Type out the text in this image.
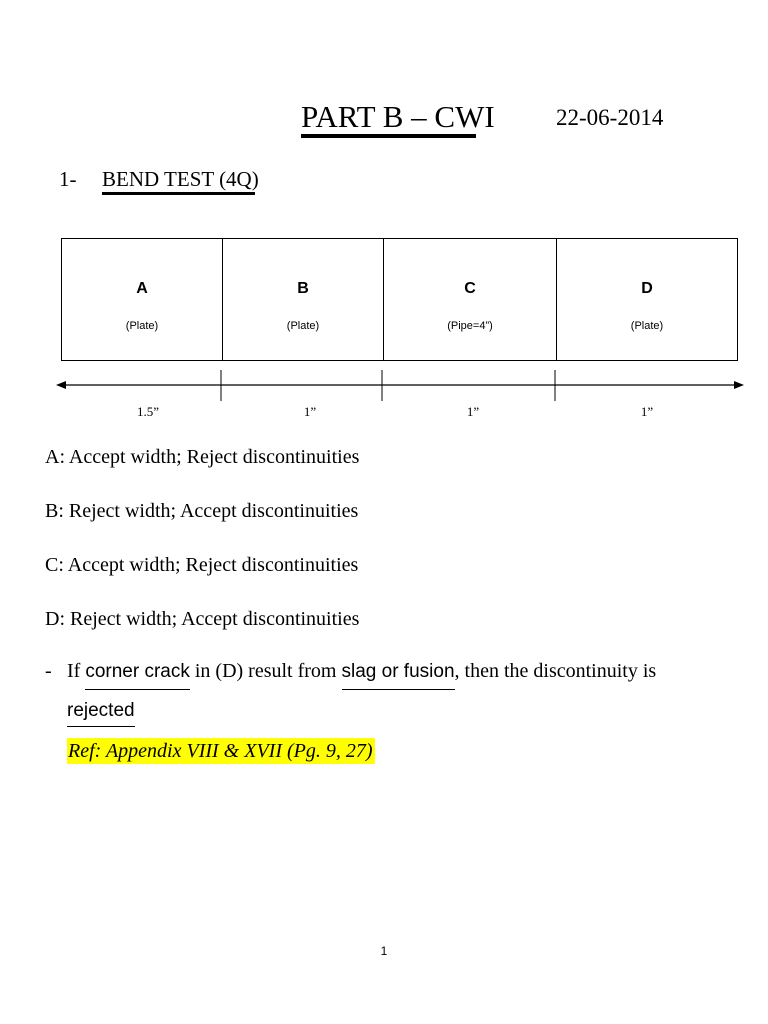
PART B – CWI	22-06-2014
1- BEND TEST (4Q)
A
(Plate)
B
(Plate)
C
(Pipe=4”)
D
(Plate)
1.5”	1”	1”	1”
A: Accept width; Reject discontinuities
B: Reject width; Accept discontinuities
C: Accept width; Reject discontinuities
D: Reject width; Accept discontinuities
- If corner crack in (D) result from slag or fusion, then the discontinuity is
rejected
Ref: Appendix VIII & XVII (Pg. 9, 27)
1
